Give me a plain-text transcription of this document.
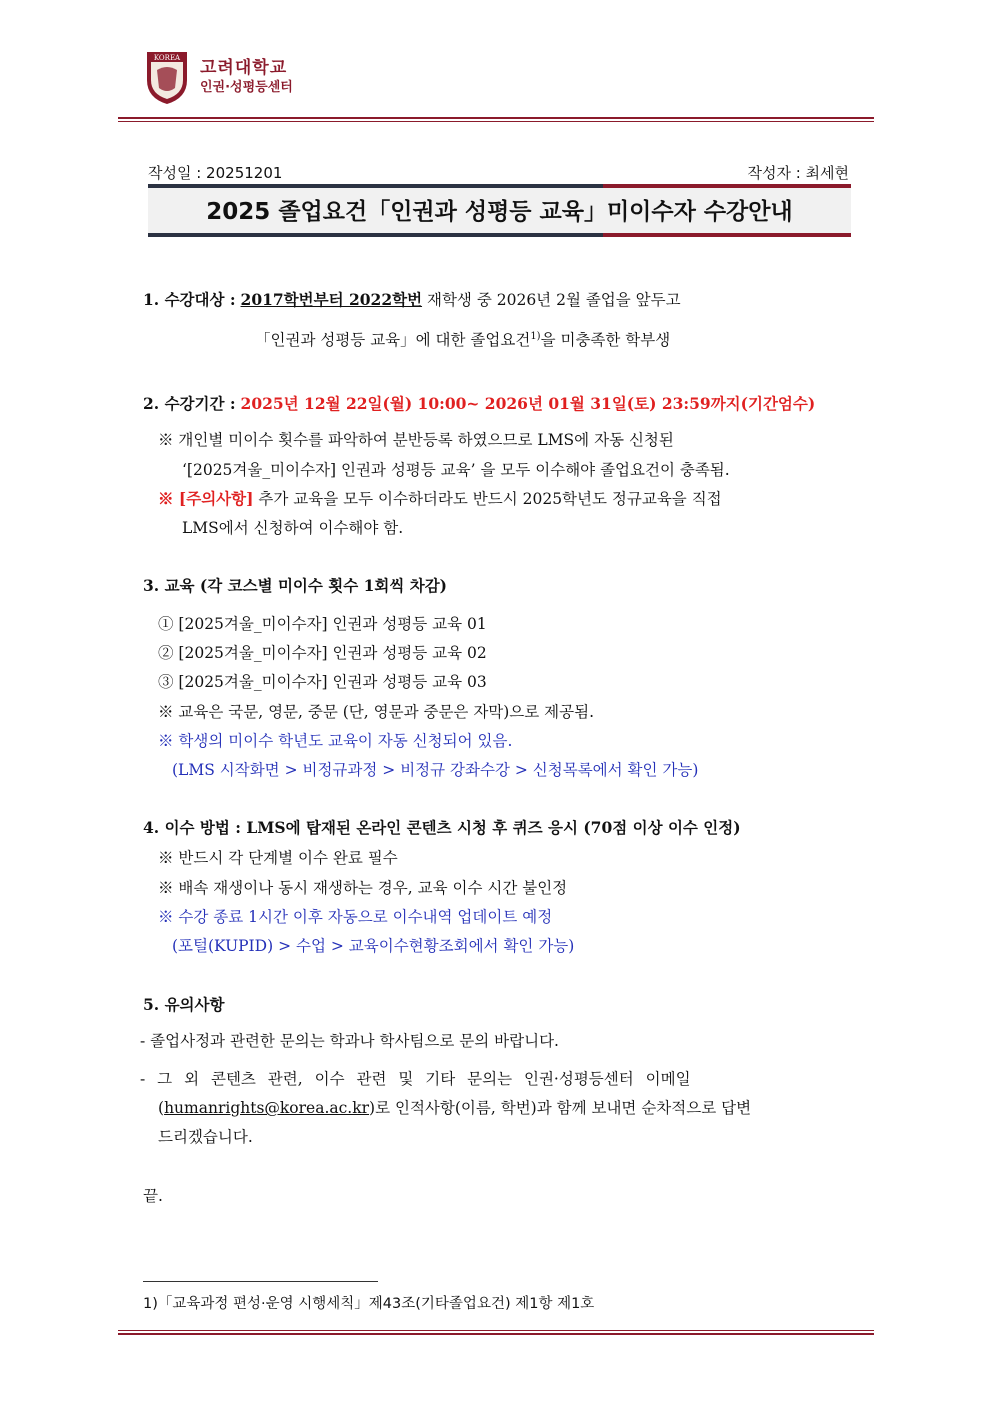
KOREA 고려대학교
인권·성평등센터
작성일 : 20251201	작성자 : 최세현
2025 졸업요건「인권과 성평등 교육」미이수자 수강안내
1. 수강대상 : 2017학번부터 2022학번 재학생 중 2026년 2월 졸업을 앞두고
「인권과 성평등 교육」에 대한 졸업요건$^{1)}$을 미충족한 학부생
2. 수강기간 : 2025년 12월 22일(월) 10:00~ 2026년 01월 31일(토) 23:59까지(기간엄수)
※ 개인별 미이수 횟수를 파악하여 분반등록 하였으므로 LMS에 자동 신청된
‘[2025겨울_미이수자] 인권과 성평등 교육’ 을 모두 이수해야 졸업요건이 충족됨.
※ [주의사항] 추가 교육을 모두 이수하더라도 반드시 2025학년도 정규교육을 직접
LMS에서 신청하여 이수해야 함.
3. 교육 (각 코스별 미이수 횟수 1회씩 차감)
① [2025겨울_미이수자] 인권과 성평등 교육 01
② [2025겨울_미이수자] 인권과 성평등 교육 02
③ [2025겨울_미이수자] 인권과 성평등 교육 03
※ 교육은 국문, 영문, 중문 (단, 영문과 중문은 자막)으로 제공됨.
※ 학생의 미이수 학년도 교육이 자동 신청되어 있음.
(LMS 시작화면 > 비정규과정 > 비정규 강좌수강 > 신청목록에서 확인 가능)
4. 이수 방법 : LMS에 탑재된 온라인 콘텐츠 시청 후 퀴즈 응시 (70점 이상 이수 인정)
※ 반드시 각 단계별 이수 완료 필수
※ 배속 재생이나 동시 재생하는 경우, 교육 이수 시간 불인정
※ 수강 종료 1시간 이후 자동으로 이수내역 업데이트 예정
(포털(KUPID) > 수업 > 교육이수현황조회에서 확인 가능)
5. 유의사항
- 졸업사정과 관련한 문의는 학과나 학사팀으로 문의 바랍니다.
- 그 외 콘텐츠 관련, 이수 관련 및 기타 문의는 인권·성평등센터 이메일
(humanrights@korea.ac.kr)로 인적사항(이름, 학번)과 함께 보내면 순차적으로 답변
드리겠습니다.
끝.
1)「교육과정 편성·운영 시행세칙」제43조(기타졸업요건) 제1항 제1호
